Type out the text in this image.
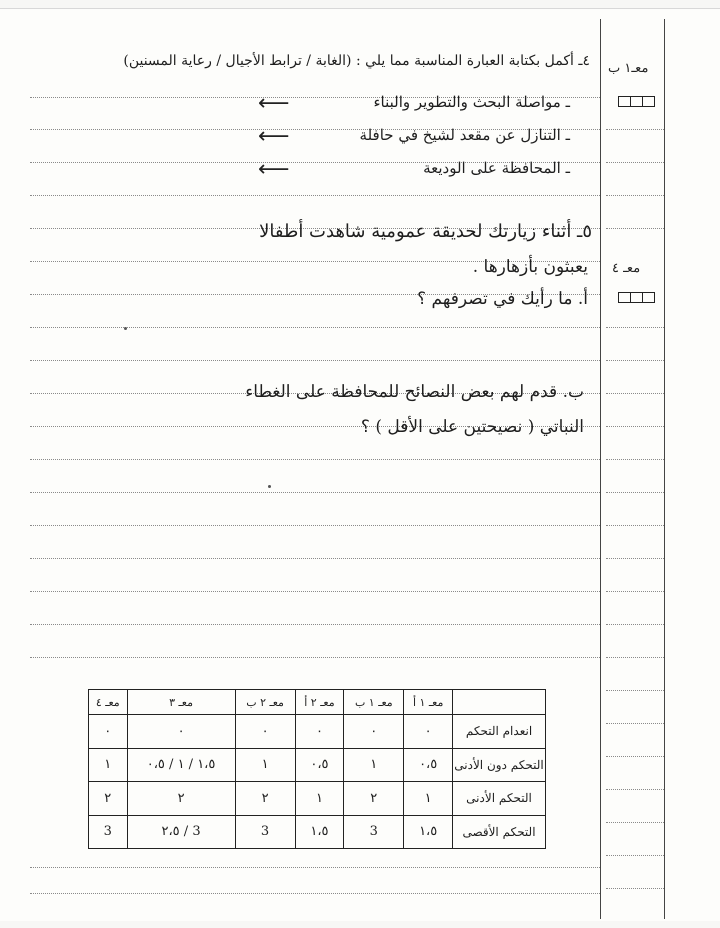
معـ١ ب
معـ ٤
٤ـ أكمل بكتابة العبارة المناسبة مما يلي : (الغابة / ترابط الأجيال / رعاية المسنين)
ـ مواصلة البحث والتطوير والبناء
⟵
ـ التنازل عن مقعد لشيخ في حافلة
⟵
ـ المحافظة على الوديعة
⟵
٥ـ أثناء زيارتك لحديقة عمومية شاهدت أطفالا
يعبثون بأزهارها .
أ. ما رأيك في تصرفهم ؟
ب. قدم لهم بعض النصائح للمحافظة على الغطاء
النباتي ( نصيحتين على الأقل ) ؟
	معـ ١ أ	معـ ١ ب	معـ ٢ أ	معـ ٢ ب	معـ ٣	معـ ٤
انعدام التحكم	٠	٠	٠	٠	٠	٠
التحكم دون الأدنى	٠،٥	١	٠،٥	١	١،٥ / ١ / ٠،٥	١
التحكم الأدنى	١	٢	١	٢	٢	٢
التحكم الأقصى	١،٥	3	١،٥	3	3 / ٢،٥	3
